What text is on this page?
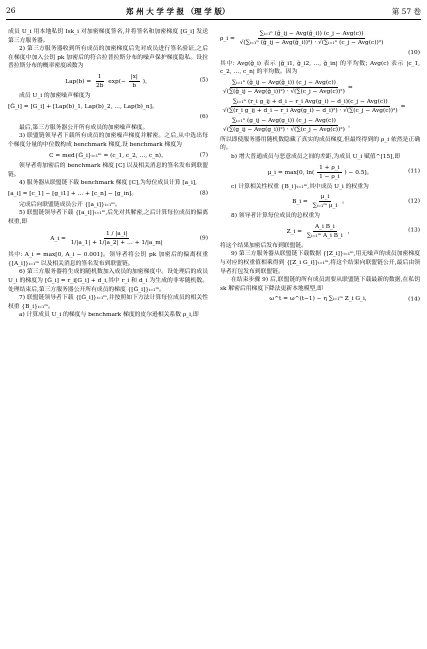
26	郑 州 大 学 学 报 （理 学 版）	第 57 卷

成员 U_i 用本地私钥 Isk_i 对加密梯度签名,并将签名和加密梯度 [G_i] 发送第三方服务器。

2) 第三方服务器收到所有成员的加密梯度后先对成员进行签名验证,之后在梯度中加入公钥 pk 加密后的符合拉普拉斯分布的噪声保护梯度隐私。设拉普拉斯分布的概率密度函数为

$Lap(b) = \frac{1}{2b} \exp(- \frac{|x|}{b}$ )，	(5)

成员 U_i 的加密噪声梯度为

[G̃_i] = [G_i] + [Lap(b)_1, Lap(b)_2, …, Lap(b)_n]。
(6)

最后,第三方服务器公开所有成员的加密噪声梯度。

3) 联盟链领导者下载所有成员的加密噪声梯度并解密。之后,从中选出每个梯度分量的中位数构成 benchmark 梯度,设 benchmark 梯度为

C = med{G̃_i}ᵢ₌₁ᵐ = (c_1, c_2, …, c_n)，	(7)

领导者将加密后的 benchmark 梯度 [C] 以及相关消息的签名发布到联盟链。

4) 服务器从联盟链下载 benchmark 梯度 [C],为每位成员计算 [a_i],

[a_i] = [c_1] − [g_i1] + … + [c_n] − [g_in]。	(8)

完成后向联盟链成员公开 {[a_i]}ᵢ₌₁ᵐ。

5) 联盟链领导者下载 {[a_i]}ᵢ₌₁ᵐ,后先对其解密,之后计算每位成员的偏离权重,即

A_i = $\frac{1 / |a\_i|}{1/|a\_1| + 1/|a\_2| + \dots + 1/|a\_m|}$	(9)

其中: A_i = max[0, A_i − 0.001]。领导者将公钥 pk 加密后的偏离权重 {[A_i]}ᵢ₌₁ᵐ 以及相关消息的签名发布到联盟链。

6) 第三方服务器将生成的随机数加入成员的加密梯度中。设处理后的成员 U_i 的梯度为 [G̃_i] = r_i[G_i] + d_i,其中 r_i 和 d_i 为生成的非零随机数。处理结束后,第三方服务器公开所有成员的梯度 {[G̃_i]}ᵢ₌₁ᵐ。

7) 联盟链领导者下载 {[G̃_i]}ᵢ₌₁ᵐ,并按照如下方法计算每位成员的相关性权重 {B_i}ᵢ₌₁ᵐ。

a) 计算成员 U_i 的梯度与 benchmark 梯度的皮尔逊相关系数 ρ_i,即

ρ_i = $\frac{\text{∑ᵢ₌₁ⁿ (g̃\_ij − Avg(g̃\_i)) (c\_j − Avg(c))}}{\text{√(∑ᵢ₌₁ⁿ (g̃\_ij − Avg(g̃\_i))²) · √(∑ᵢ₌₁ⁿ (c\_j − Avg(c))²)}}$
(10)

其中: Avg(g̃_i) 表示 |g̃_i1, g̃_i2, …, g̃_in| 的平均数; Avg(c) 表示 |c_1, c_2, …, c_n| 的平均数。因为

$\frac{\text{∑ᵢ₌₁ⁿ (g̃\_ij − Avg(g̃\_i)) (c\_j − Avg(c))}}{\text{√(∑(g̃\_ij − Avg(g̃\_i))²) · √(∑(c\_j − Avg(c))²)}}$ =
∑ᵢ₌₁ⁿ (r_i g_ij + d_i − r_i Avg(g_i) − d_i)(c_j − Avg(c))
√(∑(r_i g_ij + d_i − r_i Avg(g_i) − d_i)²) · √(∑(c_j − Avg(c))²)
=
$\frac{\text{∑ᵢ₌₁ⁿ (g\_ij − Avg(g\_i)) (c\_j − Avg(c))}}{\text{√(∑(g\_ij − Avg(g\_i))²) · √(∑(c\_j − Avg(c))²)}}$ 。

所以即使服务器用随机数隐藏了真实的成员梯度,但最终得到的 ρ_i 依然是正确的。

b) 增大普通成员与恶意成员之间的差距,为成员 U_i 赋值^[15],即

μ_i = max[0, $\ln( \frac{1 + \rho\_i}{1 - \rho\_i}$ ) − 0.5]。	(11)

c) 计算相关性权重 {B_i}ᵢ₌₁ᵐ,其中成员 U_i 的权重为

B_i = $\frac{\mu\_i}{\text{∑ᵢ₌₁ᵐ μ\_i}}$ 。	(12)

8) 领导者计算每位成员的总权重为

Z_i = $\frac{\text{A\_i B\_i}}{\text{∑ᵢ₌₁ᵐ A\_i B\_i}}$ ，	(13)

将这个结果加密后发布到联盟链。

9) 第三方服务器从联盟链下载数据 {[Z_i]}ᵢ₌₁ᵐ,用无噪声的成员加密梯度与对应的权重值相乘得到 {[Z_i G_i]}ᵢ₌₁ᵐ,将这个结果向联盟链公开,最后由领导者打包发布到联盟链。

在结束步骤 9) 后,联盟链的所有成员需要从联盟链下载最新的数据,在私钥 sk 解密后用梯度下降法更新本地模型,即

ω^t = ω^(t−1) − η ∑ᵢ₌₁ᵐ Z_i G_i，	(14)
